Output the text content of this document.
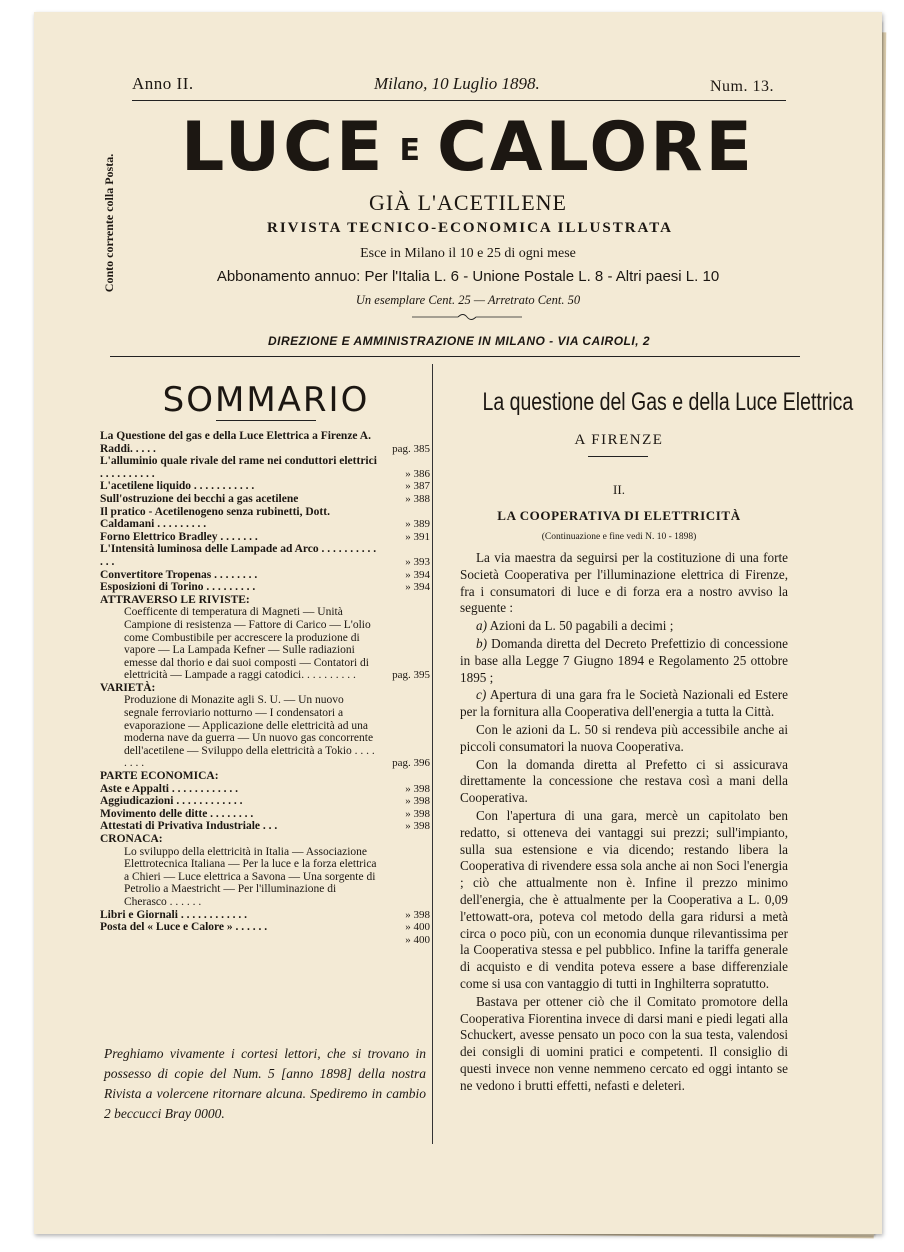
Anno II.	Milano, 10 Luglio 1898.	Num. 13.
Conto corrente colla Posta.
LUCE E CALORE
GIÀ L'ACETILENE
RIVISTA TECNICO-ECONOMICA ILLUSTRATA
Esce in Milano il 10 e 25 di ogni mese
Abbonamento annuo: Per l'Italia L. 6 - Unione Postale L. 8 - Altri paesi L. 10
Un esemplare Cent. 25 — Arretrato Cent. 50
DIREZIONE E AMMINISTRAZIONE IN MILANO - VIA CAIROLI, 2
SOMMARIO
La Questione del gas e della Luce Elettrica a Firenze A. Raddi. . . . .	pag. 385
L'alluminio quale rivale del rame nei conduttori elettrici . . . . . . . . . .	» 386
L'acetilene liquido . . . . . . . . . . .	» 387
Sull'ostruzione dei becchi a gas acetilene	» 388
Il pratico - Acetilenogeno senza rubinetti, Dott. Caldamani . . . . . . . . .	» 389
Forno Elettrico Bradley . . . . . . .	» 391
L'Intensità luminosa delle Lampade ad Arco . . . . . . . . . . . . .	» 393
Convertitore Tropenas . . . . . . . .	» 394
Esposizioni di Torino . . . . . . . . .	» 394
ATTRAVERSO LE RIVISTE:
Coefficente di temperatura di Magneti — Unità Campione di resistenza — Fattore di Carico — L'olio come Combustibile per accrescere la produzione di vapore — La Lampada Kefner — Sulle radiazioni emesse dal thorio e dai suoi composti — Contatori di elettricità — Lampade a raggi catodici. . . . . . . . . .	pag. 395
VARIETÀ:
Produzione di Monazite agli S. U. — Un nuovo segnale ferroviario notturno — I condensatori a evaporazione — Applicazione delle elettricità ad una moderna nave da guerra — Un nuovo gas concorrente dell'acetilene — Sviluppo della elettricità a Tokio . . . . . . . .	pag. 396
PARTE ECONOMICA:
Aste e Appalti . . . . . . . . . . . .	» 398
Aggiudicazioni . . . . . . . . . . . .	» 398
Movimento delle ditte . . . . . . . .	» 398
Attestati di Privativa Industriale . . .	» 398
CRONACA:
Lo sviluppo della elettricità in Italia — Associazione Elettrotecnica Italiana — Per la luce e la forza elettrica a Chieri — Luce elettrica a Savona — Una sorgente di Petrolio a Maestricht — Per l'illuminazione di Cherasco . . . . . .
Libri e Giornali . . . . . . . . . . . .	» 398
Posta del « Luce e Calore » . . . . . .	» 400
» 400
Preghiamo vivamente i cortesi lettori, che si trovano in possesso di copie del Num. 5 [anno 1898] della nostra Rivista a volercene ritornare alcuna. Spediremo in cambio 2 beccucci Bray 0000.
La questione del Gas e della Luce Elettrica
A FIRENZE
II.
LA COOPERATIVA DI ELETTRICITÀ
(Continuazione e fine vedi N. 10 - 1898)

La via maestra da seguirsi per la costituzione di una forte Società Cooperativa per l'illuminazione elettrica di Firenze, fra i consumatori di luce e di forza era a nostro avviso la seguente :

a) Azioni da L. 50 pagabili a decimi ;

b) Domanda diretta del Decreto Prefettizio di concessione in base alla Legge 7 Giugno 1894 e Regolamento 25 ottobre 1895 ;

c) Apertura di una gara fra le Società Nazionali ed Estere per la fornitura alla Cooperativa dell'energia a tutta la Città.

Con le azioni da L. 50 si rendeva più accessibile anche ai piccoli consumatori la nuova Cooperativa.

Con la domanda diretta al Prefetto ci si assicurava direttamente la concessione che restava così a mani della Cooperativa.

Con l'apertura di una gara, mercè un capitolato ben redatto, si otteneva dei vantaggi sui prezzi; sull'impianto, sulla sua estensione e via dicendo; restando libera la Cooperativa di rivendere essa sola anche ai non Soci l'energia ; ciò che attualmente non è. Infine il prezzo minimo dell'energia, che è attualmente per la Cooperativa a L. 0,09 l'ettowatt-ora, poteva col metodo della gara ridursi a metà circa o poco più, con un economia dunque rilevantissima per la Cooperativa stessa e pel pubblico. Infine la tariffa generale di acquisto e di vendita poteva essere a base differenziale come si usa con vantaggio di tutti in Inghilterra sopratutto.

Bastava per ottener ciò che il Comitato promotore della Cooperativa Fiorentina invece di darsi mani e piedi legati alla Schuckert, avesse pensato un poco con la sua testa, valendosi dei consigli di uomini pratici e competenti. Il consiglio di questi invece non venne nemmeno cercato ed oggi intanto se ne vedono i brutti effetti, nefasti e deleteri.
